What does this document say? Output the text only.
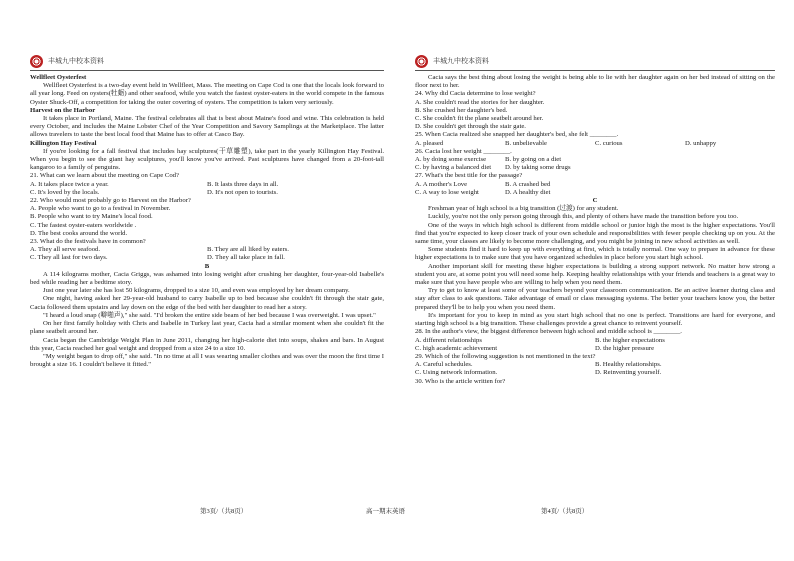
丰城九中校本资料

Wellfleet Oysterfest

Wellfleet Oysterfest is a two-day event held in Wellfleet, Mass. The meeting on Cape Cod is one that the locals look forward to all year long. Feed on oysters(牡蛎) and other seafood, while you watch the fastest oyster-eaters in the world compete in the famous Oyster Shuck-Off, a competition for taking the outer covering of oysters. The competition is taken very seriously.

Harvest on the Harbor

It takes place in Portland, Maine. The festival celebrates all that is best about Maine's food and wine. This celebration is held every October, and includes the Maine Lobster Chef of the Year Competition and Savory Samplings at the Marketplace. The latter allows travelers to taste the best local food that Maine has to offer at Casco Bay.

Killington Hay Festival

If you're looking for a fall festival that includes hay sculptures(干草雕塑), take part in the yearly Killington Hay Festival. When you begin to see the giant hay sculptures, you'll know you've arrived. Past sculptures have changed from a 20-foot-tall kangaroo to a family of penguins.

21. What can we learn about the meeting on Cape Cod?

A. It takes place twice a year.	B. It lasts three days in all.
C. It's loved by the locals.	D. It's not open to tourists.

22. Who would most probably go to Harvest on the Harbor?

A. People who want to go to a festival in November.

B. People who want to try Maine's local food.

C. The fastest oyster-eaters worldwide .

D. The best cooks around the world.

23. What do the festivals have in common?

A. They all serve seafood.	B. They are all liked by eaters.
C. They all last for two days.	D. They all take place in fall.

B

A 114 kilograms mother, Cacia Griggs, was ashamed into losing weight after crushing her daughter, four-year-old Isabelle's bed while reading her a bedtime story.

Just one year later she has lost 50 kilograms, dropped to a size 10, and even was employed by her dream company.

One night, having asked her 29-year-old husband to carry Isabelle up to bed because she couldn't fit through the stair gate, Cacia followed them upstairs and lay down on the edge of the bed with her daughter to read her a story.

"I heard a loud snap (噼啪声)," she said. "I'd broken the entire side beam of her bed because I was overweight. I was upset."

On her first family holiday with Chris and Isabelle in Turkey last year, Cacia had a similar moment when she couldn't fit the plane seatbelt around her.

Cacia began the Cambridge Weight Plan in June 2011, changing her high-calorie diet into soups, shakes and bars. In August this year, Cacia reached her goal weight and dropped from a size 24 to a size 10.

"My weight began to drop off," she said. "In no time at all I was wearing smaller clothes and was over the moon the first time I brought a size 16. I couldn't believe it fitted."

丰城九中校本资料

Cacia says the best thing about losing the weight is being able to lie with her daughter again on her bed instead of sitting on the floor next to her.

24. Why did Cacia determine to lose weight?

A. She couldn't read the stories for her daughter.

B. She crushed her daughter's bed.

C. She couldn't fit the plane seatbelt around her.

D. She couldn't get through the stair gate.

25. When Cacia realized she snapped her daughter's bed, she felt ________.

A. pleased	B. unbelievable	C. curious	D. unhappy

26. Cacia lost her weight ________.

A. by doing some exercise	B. by going on a diet
C. by having a balanced diet	D. by taking some drugs

27. What's the best title for the passage?

A. A mother's Love	B. A crashed bed
C. A way to lose weight	D. A healthy diet

C

Freshman year of high school is a big transition (过渡) for any student.

Luckily, you're not the only person going through this, and plenty of others have made the transition before you too.

One of the ways in which high school is different from middle school or junior high the most is the higher expectations. You'll find that you're expected to keep closer track of your own schedule and responsibilities with fewer people checking up on you. At the same time, your classes are likely to become more challenging, and you might be joining in new school activities as well.

Some students find it hard to keep up with everything at first, which is totally normal. One way to prepare in advance for these higher expectations is to make sure that you have organized schedules in place before you start high school.

Another important skill for meeting these higher expectations is building a strong support network. No matter how strong a student you are, at some point you will need some help. Keeping healthy relationships with your friends and teachers is a great way to make sure that you have people who are willing to help when you need them.

Try to get to know at least some of your teachers beyond your classroom communication. Be an active learner during class and stay after class to ask questions. Take advantage of email or class messaging systems. The better your teachers know you, the better prepared they'll be to help you when you need them.

It's important for you to keep in mind as you start high school that no one is perfect. Transitions are hard for everyone, and starting high school is a big transition. These challenges provide a great chance to reinvent yourself.

28. In the author's view, the biggest difference between high school and middle school is ________.

A. different relationships	B. the higher expectations
C. high academic achievement	D. the higher pressure

29. Which of the following suggestion is not mentioned in the text?

A. Careful schedules.	B. Healthy relationships.
C. Using network information.	D. Reinventing yourself.

30. Who is the article written for?

第3页/（共8页）	高一期末英语	第4页/（共8页）
